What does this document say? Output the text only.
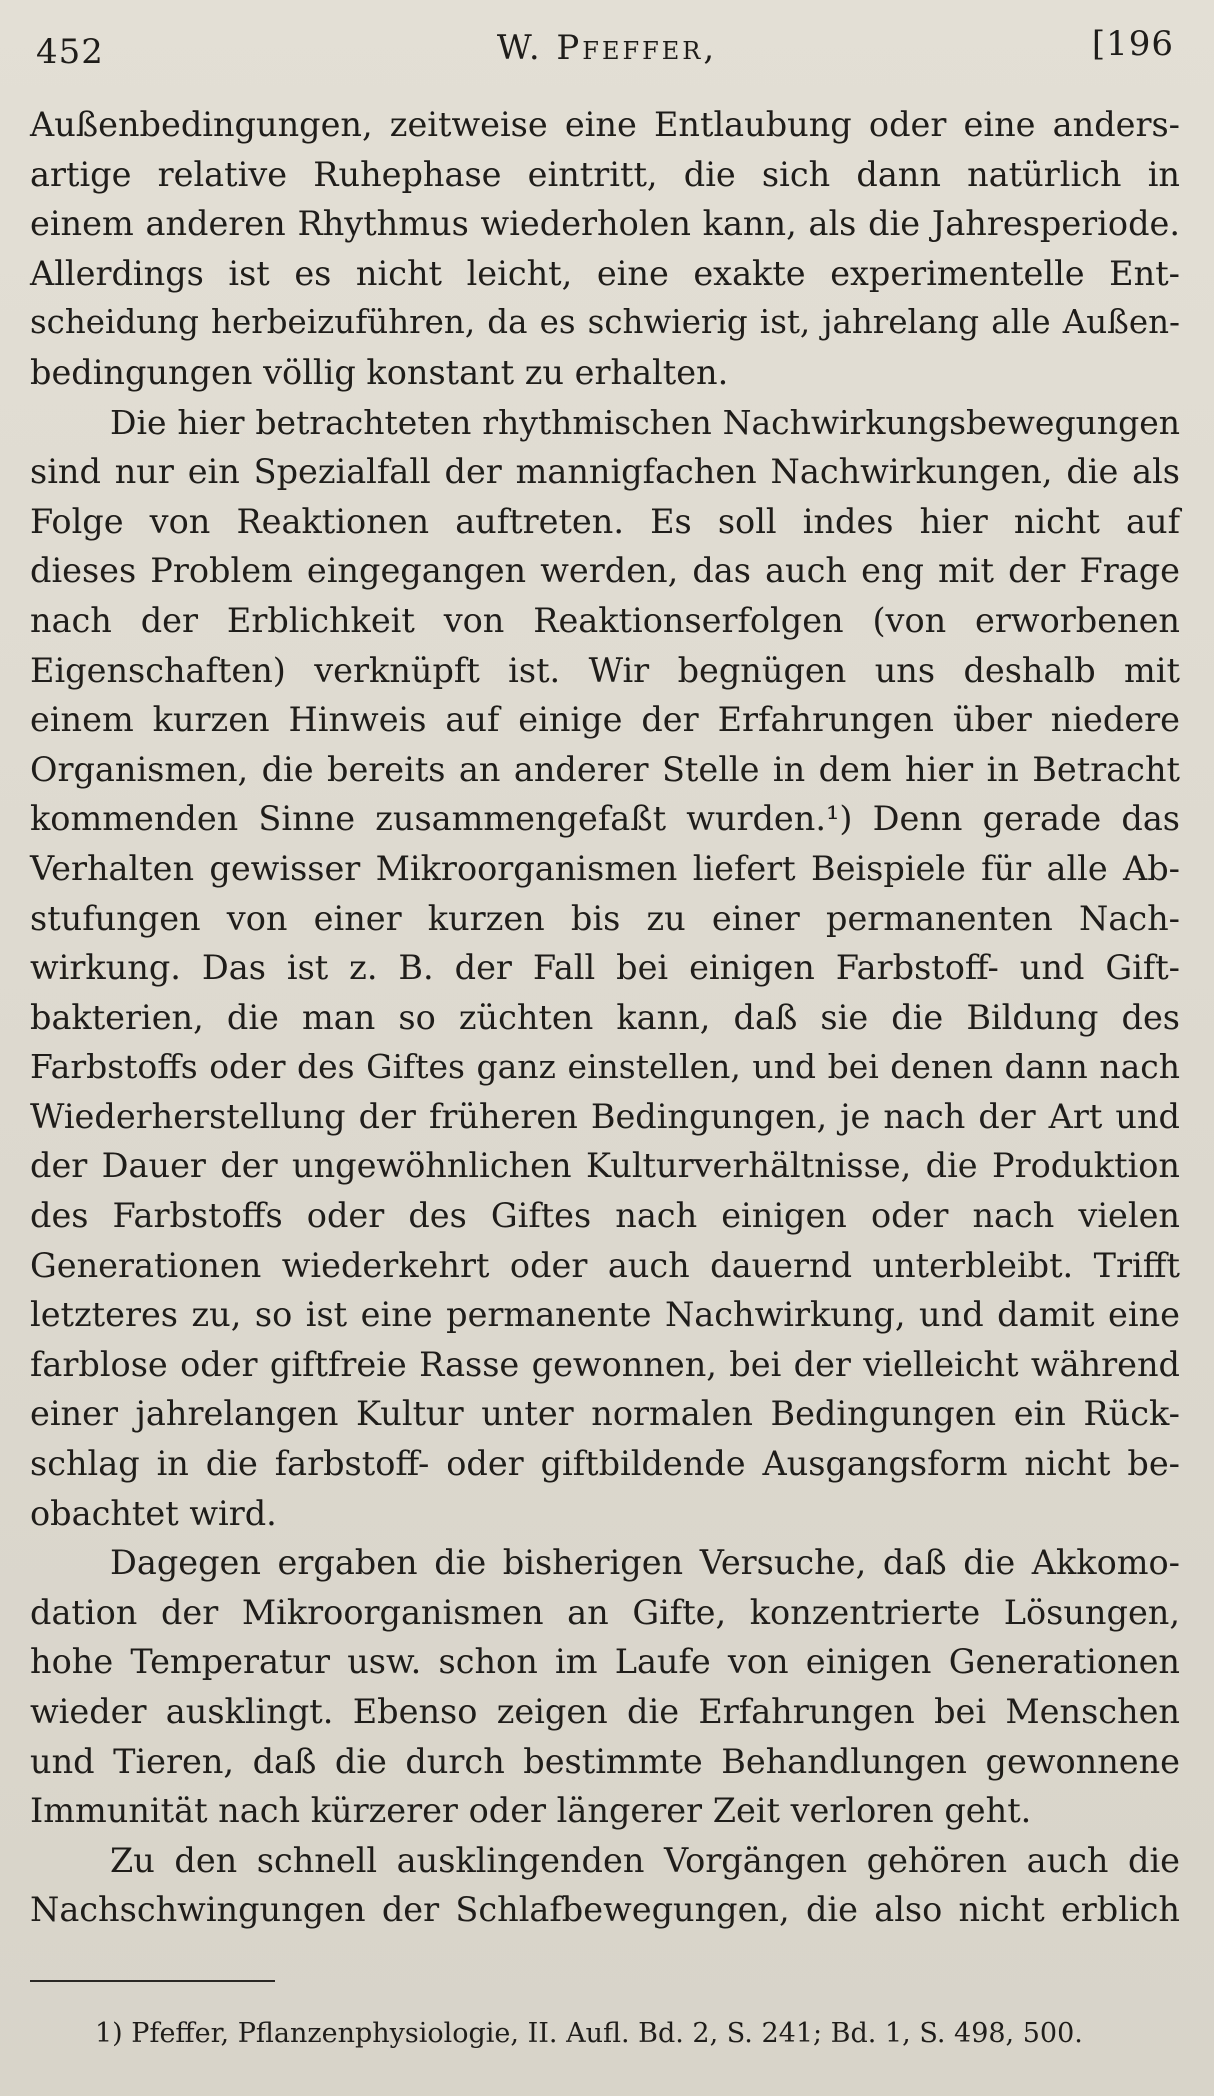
452	W. Pfeffer,	[196
Außenbedingungen, zeitweise eine Entlaubung oder eine anders-
artige relative Ruhephase eintritt, die sich dann natürlich in
einem anderen Rhythmus wiederholen kann, als die Jahresperiode.
Allerdings ist es nicht leicht, eine exakte experimentelle Ent-
scheidung herbeizuführen, da es schwierig ist, jahrelang alle Außen-
bedingungen völlig konstant zu erhalten.
Die hier betrachteten rhythmischen Nachwirkungsbewegungen
sind nur ein Spezialfall der mannigfachen Nachwirkungen, die als
Folge von Reaktionen auftreten. Es soll indes hier nicht auf
dieses Problem eingegangen werden, das auch eng mit der Frage
nach der Erblichkeit von Reaktionserfolgen (von erworbenen
Eigenschaften) verknüpft ist. Wir begnügen uns deshalb mit
einem kurzen Hinweis auf einige der Erfahrungen über niedere
Organismen, die bereits an anderer Stelle in dem hier in Betracht
kommenden Sinne zusammengefaßt wurden.¹) Denn gerade das
Verhalten gewisser Mikroorganismen liefert Beispiele für alle Ab-
stufungen von einer kurzen bis zu einer permanenten Nach-
wirkung. Das ist z. B. der Fall bei einigen Farbstoff- und Gift-
bakterien, die man so züchten kann, daß sie die Bildung des
Farbstoffs oder des Giftes ganz einstellen, und bei denen dann nach
Wiederherstellung der früheren Bedingungen, je nach der Art und
der Dauer der ungewöhnlichen Kulturverhältnisse, die Produktion
des Farbstoffs oder des Giftes nach einigen oder nach vielen
Generationen wiederkehrt oder auch dauernd unterbleibt. Trifft
letzteres zu, so ist eine permanente Nachwirkung, und damit eine
farblose oder giftfreie Rasse gewonnen, bei der vielleicht während
einer jahrelangen Kultur unter normalen Bedingungen ein Rück-
schlag in die farbstoff- oder giftbildende Ausgangsform nicht be-
obachtet wird.
Dagegen ergaben die bisherigen Versuche, daß die Akkomo-
dation der Mikroorganismen an Gifte, konzentrierte Lösungen,
hohe Temperatur usw. schon im Laufe von einigen Generationen
wieder ausklingt. Ebenso zeigen die Erfahrungen bei Menschen
und Tieren, daß die durch bestimmte Behandlungen gewonnene
Immunität nach kürzerer oder längerer Zeit verloren geht.
Zu den schnell ausklingenden Vorgängen gehören auch die
Nachschwingungen der Schlafbewegungen, die also nicht erblich
1) Pfeffer, Pflanzenphysiologie, II. Aufl. Bd. 2, S. 241; Bd. 1, S. 498, 500.
